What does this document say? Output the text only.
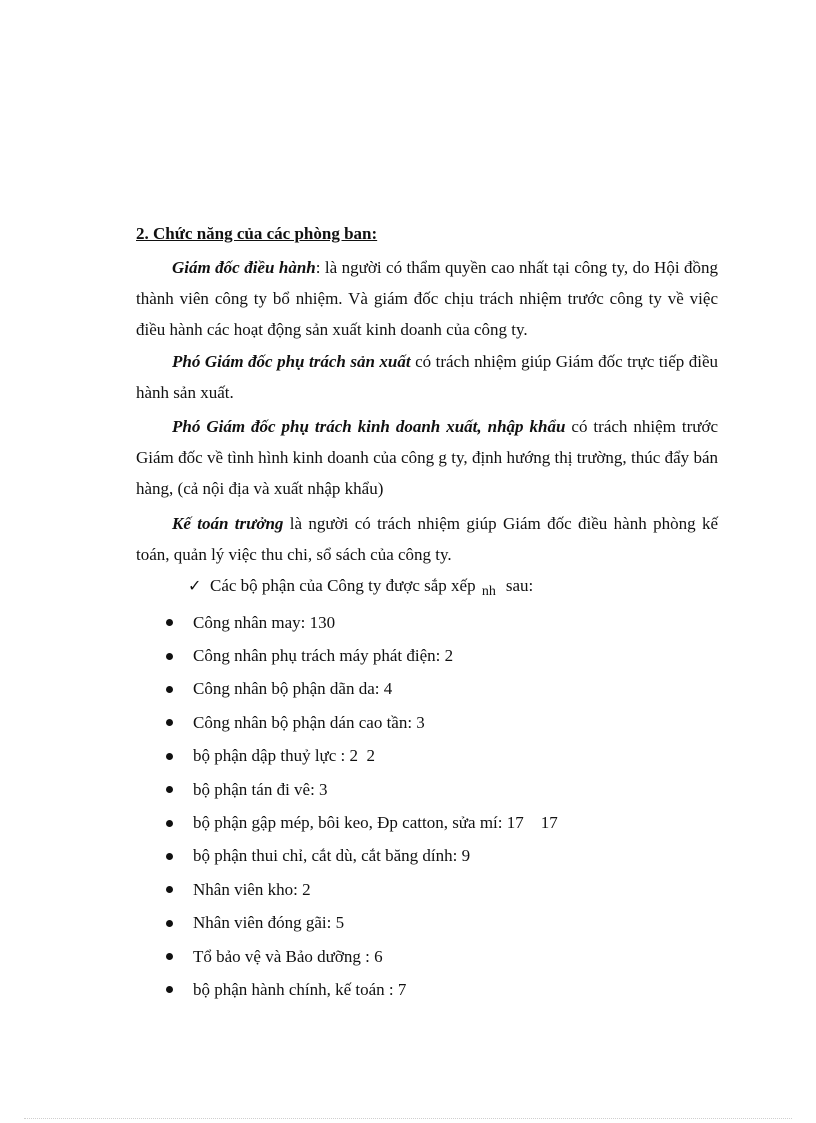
2. Chức năng của các phòng ban:

Giám đốc điều hành: là người có thẩm quyền cao nhất tại công ty, do Hội đồng thành viên công ty bổ nhiệm. Và giám đốc chịu trách nhiệm trước công ty về việc điều hành các hoạt động sản xuất kinh doanh của công ty.

Phó Giám đốc phụ trách sản xuất có trách nhiệm giúp Giám đốc trực tiếp điều hành sản xuất.

Phó Giám đốc phụ trách kinh doanh xuất, nhập khẩu có trách nhiệm trước Giám đốc về tình hình kinh doanh của công g ty, định hướng thị trường, thúc đẩy bán hàng, (cả nội địa và xuất nhập khẩu)

Kế toán trưởng là người có trách nhiệm giúp Giám đốc điều hành phòng kế toán, quản lý việc thu chi, sổ sách của công ty.

✓ Các bộ phận của Công ty được sắp xếp $_{nh}$ sau:
Công nhân may: 130
Công nhân phụ trách máy phát điện: 2
Công nhân bộ phận dãn da: 4
Công nhân bộ phận dán cao tần: 3
bộ phận dập thuỷ lực : 2  2
bộ phận tán đi vê: 3
bộ phận gập mép, bôi keo, Đp catton, sửa mí: 17    17
bộ phận thui chỉ, cắt dù, cắt băng dính: 9
Nhân viên kho: 2
Nhân viên đóng gãi: 5
Tổ bảo vệ và Bảo dưỡng : 6
bộ phận hành chính, kế toán : 7
